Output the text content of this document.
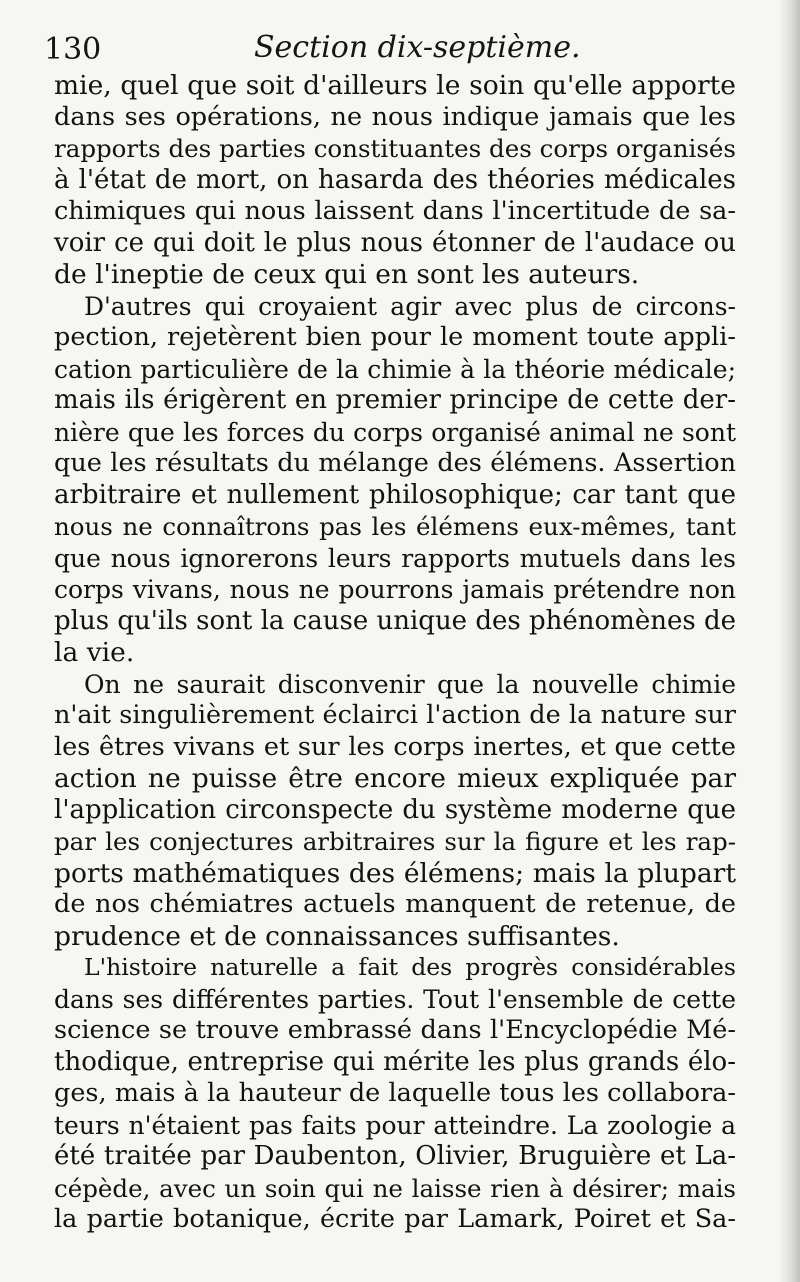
130	Section dix-septième.
mie, quel que soit d'ailleurs le soin qu'elle apporte
dans ses opérations, ne nous indique jamais que les
rapports des parties constituantes des corps organisés
à l'état de mort, on hasarda des théories médicales
chimiques qui nous laissent dans l'incertitude de sa-
voir ce qui doit le plus nous étonner de l'audace ou
de l'ineptie de ceux qui en sont les auteurs.
D'autres qui croyaient agir avec plus de circons-
pection, rejetèrent bien pour le moment toute appli-
cation particulière de la chimie à la théorie médicale;
mais ils érigèrent en premier principe de cette der-
nière que les forces du corps organisé animal ne sont
que les résultats du mélange des élémens. Assertion
arbitraire et nullement philosophique; car tant que
nous ne connaîtrons pas les élémens eux-mêmes, tant
que nous ignorerons leurs rapports mutuels dans les
corps vivans, nous ne pourrons jamais prétendre non
plus qu'ils sont la cause unique des phénomènes de
la vie.
On ne saurait disconvenir que la nouvelle chimie
n'ait singulièrement éclairci l'action de la nature sur
les êtres vivans et sur les corps inertes, et que cette
action ne puisse être encore mieux expliquée par
l'application circonspecte du système moderne que
par les conjectures arbitraires sur la figure et les rap-
ports mathématiques des élémens; mais la plupart
de nos chémiatres actuels manquent de retenue, de
prudence et de connaissances suffisantes.
L'histoire naturelle a fait des progrès considérables
dans ses différentes parties. Tout l'ensemble de cette
science se trouve embrassé dans l'Encyclopédie Mé-
thodique, entreprise qui mérite les plus grands élo-
ges, mais à la hauteur de laquelle tous les collabora-
teurs n'étaient pas faits pour atteindre. La zoologie a
été traitée par Daubenton, Olivier, Bruguière et La-
cépède, avec un soin qui ne laisse rien à désirer; mais
la partie botanique, écrite par Lamark, Poiret et Sa-
